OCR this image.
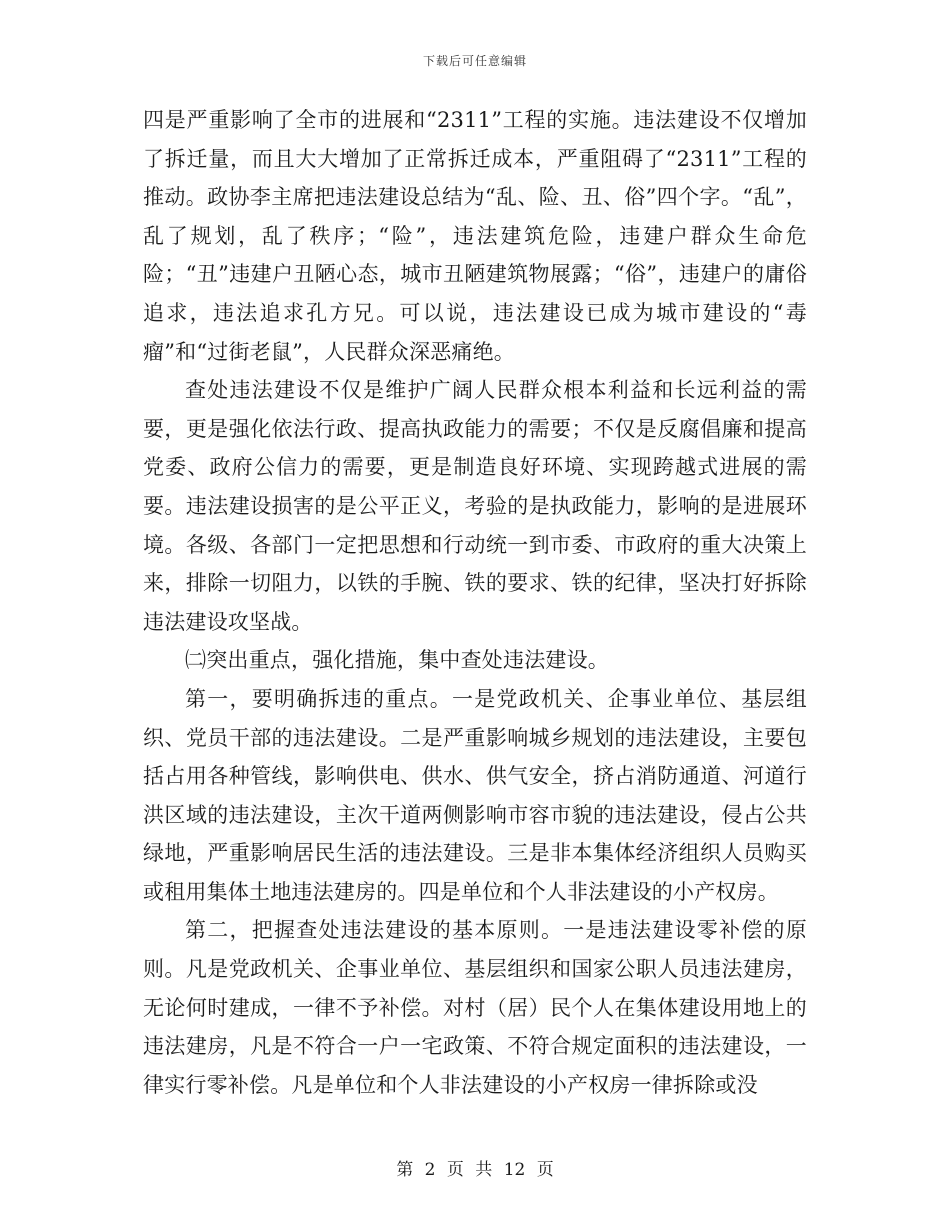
下载后可任意编辑

四是严重影响了全市的进展和“2311”工程的实施。违法建设不仅增加了拆迁量，而且大大增加了正常拆迁成本，严重阻碍了“2311”工程的推动。政协李主席把违法建设总结为“乱、险、丑、俗”四个字。“乱”，乱了规划，乱了秩序；“险”，违法建筑危险，违建户群众生命危险；“丑”违建户丑陋心态，城市丑陋建筑物展露；“俗”，违建户的庸俗追求，违法追求孔方兄。可以说，违法建设已成为城市建设的“毒瘤”和“过街老鼠”，人民群众深恶痛绝。

查处违法建设不仅是维护广阔人民群众根本利益和长远利益的需要，更是强化依法行政、提高执政能力的需要；不仅是反腐倡廉和提高党委、政府公信力的需要，更是制造良好环境、实现跨越式进展的需要。违法建设损害的是公平正义，考验的是执政能力，影响的是进展环境。各级、各部门一定把思想和行动统一到市委、市政府的重大决策上来，排除一切阻力，以铁的手腕、铁的要求、铁的纪律，坚决打好拆除违法建设攻坚战。

㈡突出重点，强化措施，集中查处违法建设。

第一，要明确拆违的重点。一是党政机关、企事业单位、基层组织、党员干部的违法建设。二是严重影响城乡规划的违法建设，主要包括占用各种管线，影响供电、供水、供气安全，挤占消防通道、河道行洪区域的违法建设，主次干道两侧影响市容市貌的违法建设，侵占公共绿地，严重影响居民生活的违法建设。三是非本集体经济组织人员购买或租用集体土地违法建房的。四是单位和个人非法建设的小产权房。

第二，把握查处违法建设的基本原则。一是违法建设零补偿的原则。凡是党政机关、企事业单位、基层组织和国家公职人员违法建房，无论何时建成，一律不予补偿。对村（居）民个人在集体建设用地上的违法建房，凡是不符合一户一宅政策、不符合规定面积的违法建设，一律实行零补偿。凡是单位和个人非法建设的小产权房一律拆除或没

第 2 页 共 12 页
